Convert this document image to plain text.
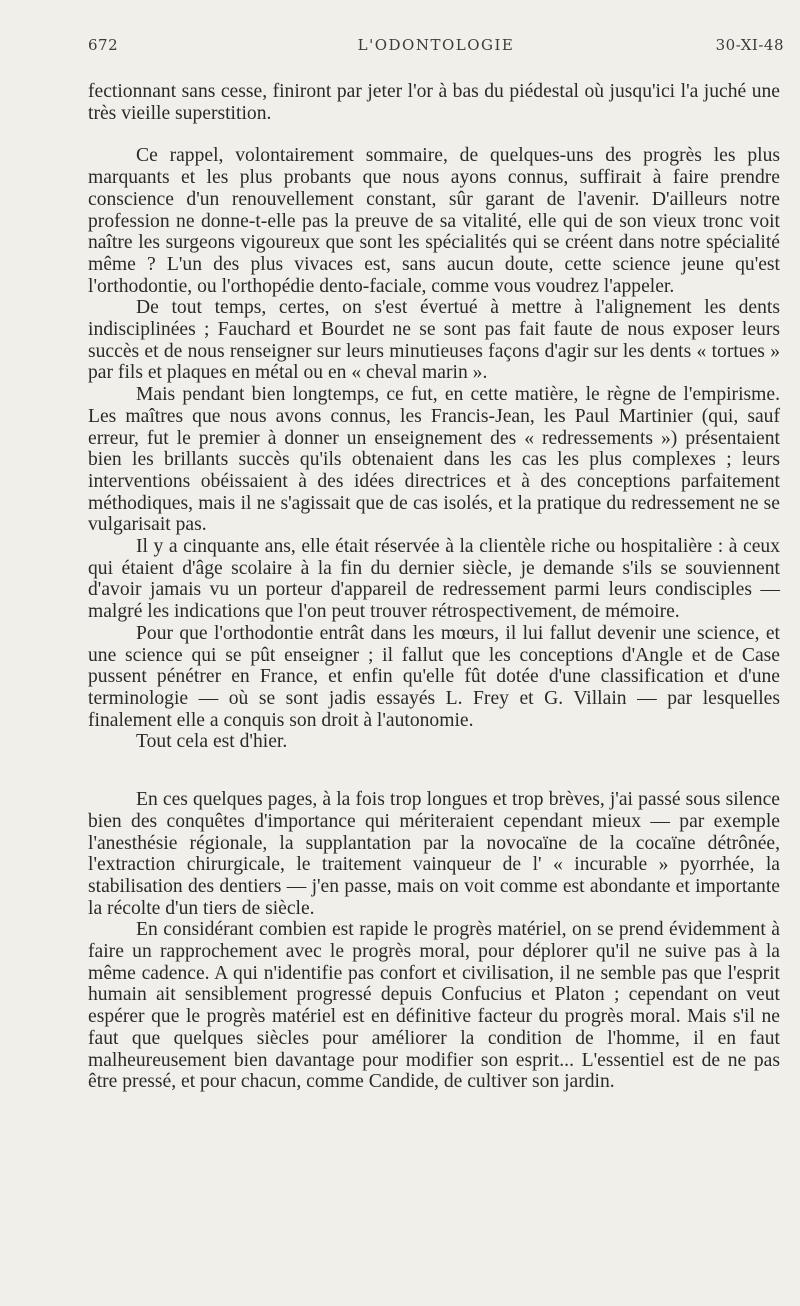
672	L'ODONTOLOGIE	30-XI-48

fectionnant sans cesse, finiront par jeter l'or à bas du piédestal où jusqu'ici l'a juché une très vieille superstition.

Ce rappel, volontairement sommaire, de quelques-uns des progrès les plus marquants et les plus probants que nous ayons connus, suffirait à faire prendre conscience d'un renouvellement constant, sûr garant de l'avenir. D'ailleurs notre profession ne donne-t-elle pas la preuve de sa vitalité, elle qui de son vieux tronc voit naître les surgeons vigoureux que sont les spécialités qui se créent dans notre spécialité même ? L'un des plus vivaces est, sans aucun doute, cette science jeune qu'est l'orthodontie, ou l'orthopédie dento-faciale, comme vous voudrez l'appeler.

De tout temps, certes, on s'est évertué à mettre à l'alignement les dents indisciplinées ; Fauchard et Bourdet ne se sont pas fait faute de nous exposer leurs succès et de nous renseigner sur leurs minutieuses façons d'agir sur les dents « tortues » par fils et plaques en métal ou en « cheval marin ».

Mais pendant bien longtemps, ce fut, en cette matière, le règne de l'empirisme. Les maîtres que nous avons connus, les Francis-Jean, les Paul Martinier (qui, sauf erreur, fut le premier à donner un enseignement des « redressements ») présentaient bien les brillants succès qu'ils obtenaient dans les cas les plus complexes ; leurs interventions obéissaient à des idées directrices et à des conceptions parfaitement méthodiques, mais il ne s'agissait que de cas isolés, et la pratique du redressement ne se vulgarisait pas.

Il y a cinquante ans, elle était réservée à la clientèle riche ou hospitalière : à ceux qui étaient d'âge scolaire à la fin du dernier siècle, je demande s'ils se souviennent d'avoir jamais vu un porteur d'appareil de redressement parmi leurs condisciples — malgré les indications que l'on peut trouver rétrospectivement, de mémoire.

Pour que l'orthodontie entrât dans les mœurs, il lui fallut devenir une science, et une science qui se pût enseigner ; il fallut que les conceptions d'Angle et de Case pussent pénétrer en France, et enfin qu'elle fût dotée d'une classification et d'une terminologie — où se sont jadis essayés L. Frey et G. Villain — par lesquelles finalement elle a conquis son droit à l'autonomie.

Tout cela est d'hier.

En ces quelques pages, à la fois trop longues et trop brèves, j'ai passé sous silence bien des conquêtes d'importance qui mériteraient cependant mieux — par exemple l'anesthésie régionale, la supplantation par la novocaïne de la cocaïne détrônée, l'extraction chirurgicale, le traitement vainqueur de l' « incurable » pyorrhée, la stabilisation des dentiers — j'en passe, mais on voit comme est abondante et importante la récolte d'un tiers de siècle.

En considérant combien est rapide le progrès matériel, on se prend évidemment à faire un rapprochement avec le progrès moral, pour déplorer qu'il ne suive pas à la même cadence. A qui n'identifie pas confort et civilisation, il ne semble pas que l'esprit humain ait sensiblement progressé depuis Confucius et Platon ; cependant on veut espérer que le progrès matériel est en définitive facteur du progrès moral. Mais s'il ne faut que quelques siècles pour améliorer la condition de l'homme, il en faut malheureusement bien davantage pour modifier son esprit... L'essentiel est de ne pas être pressé, et pour chacun, comme Candide, de cultiver son jardin.
